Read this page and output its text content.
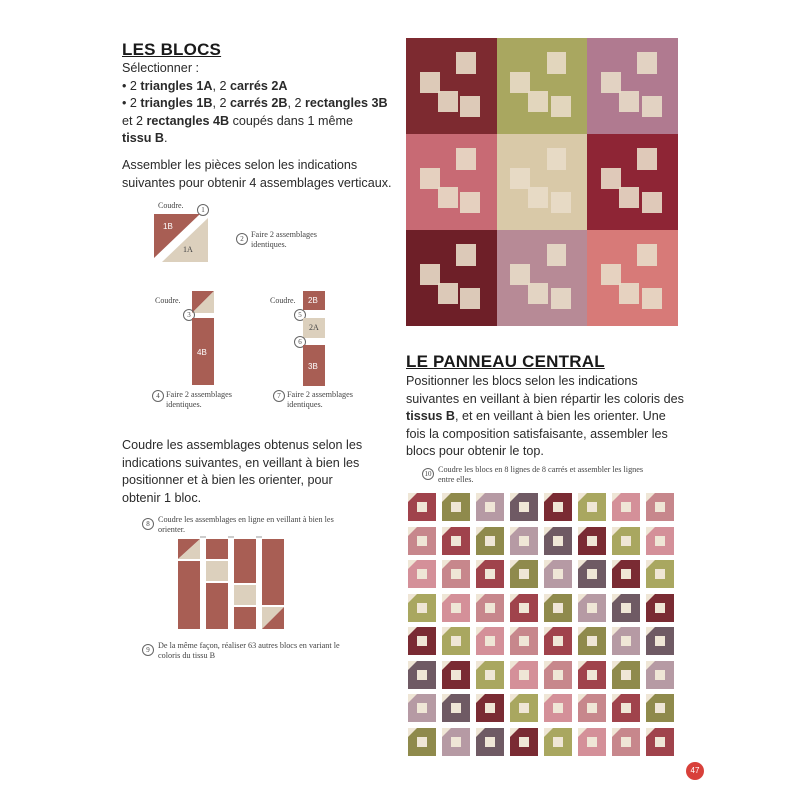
LES BLOCS
Sélectionner :
• 2 triangles 1A, 2 carrés 2A
• 2 triangles 1B, 2 carrés 2B, 2 rectangles 3B
et 2 rectangles 4B coupés dans 1 même
tissu B.
Assembler les pièces selon les indications suivantes pour obtenir 4 assemblages verticaux.
Coudre.	1
1B
1A
2 Faire 2 assemblages identiques.
Coudre.
3
4B
4 Faire 2 assemblages identiques.
Coudre. 2B
5
2A
6
3B
7 Faire 2 assemblages identiques.
Coudre les assemblages obtenus selon les indications suivantes, en veillant à bien les positionner et à bien les orienter, pour obtenir 1 bloc.
8	Coudre les assemblages en ligne en veillant à bien les orienter.
9	De la même façon, réaliser 63 autres blocs en variant le coloris du tissu B
LE PANNEAU CENTRAL
Positionner les blocs selon les indications suivantes en veillant à bien répartir les coloris des tissus B, et en veillant à bien les orienter. Une fois la composition satisfaisante, assembler les blocs pour obtenir le top.
10 Coudre les blocs en 8 lignes de 8 carrés et assembler les lignes entre elles.
47
